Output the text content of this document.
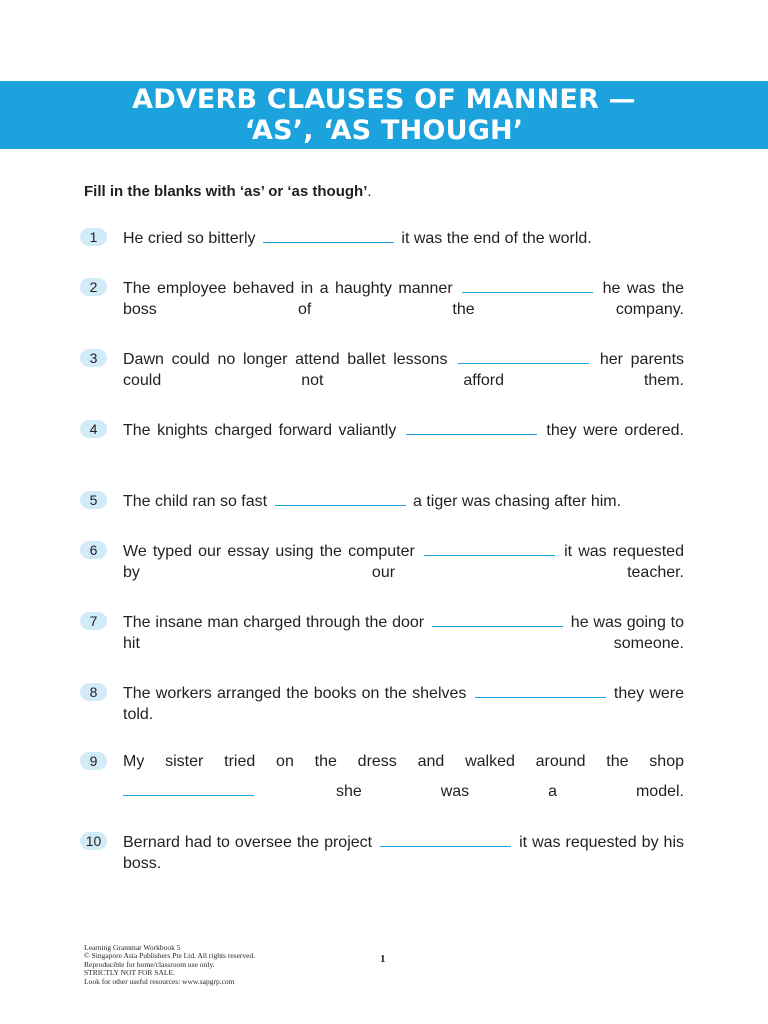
ADVERB CLAUSES OF MANNER —
‘AS’, ‘AS THOUGH’
Fill in the blanks with ‘as’ or ‘as though’.
1	He cried so bitterly	it was the end of the world.
2	The employee behaved in a haughty manner	he was the boss of the company.
3	Dawn could no longer attend ballet lessons	her parents could not afford them.
4	The knights charged forward valiantly	they were ordered.
5	The child ran so fast	a tiger was chasing after him.
6	We typed our essay using the computer	it was requested by our teacher.
7	The insane man charged through the door	he was going to hit someone.
8	The workers arranged the books on the shelves	they were told.
9	My sister tried on the dress and walked around the shop  she was a model.
10	Bernard had to oversee the project	it was requested by his boss.
Learning Grammar Workbook 5
© Singapore Asia Publishers Pte Ltd. All rights reserved.
Reproducible for home/classroom use only.
STRICTLY NOT FOR SALE.
Look for other useful resources: www.sapgrp.com
1
